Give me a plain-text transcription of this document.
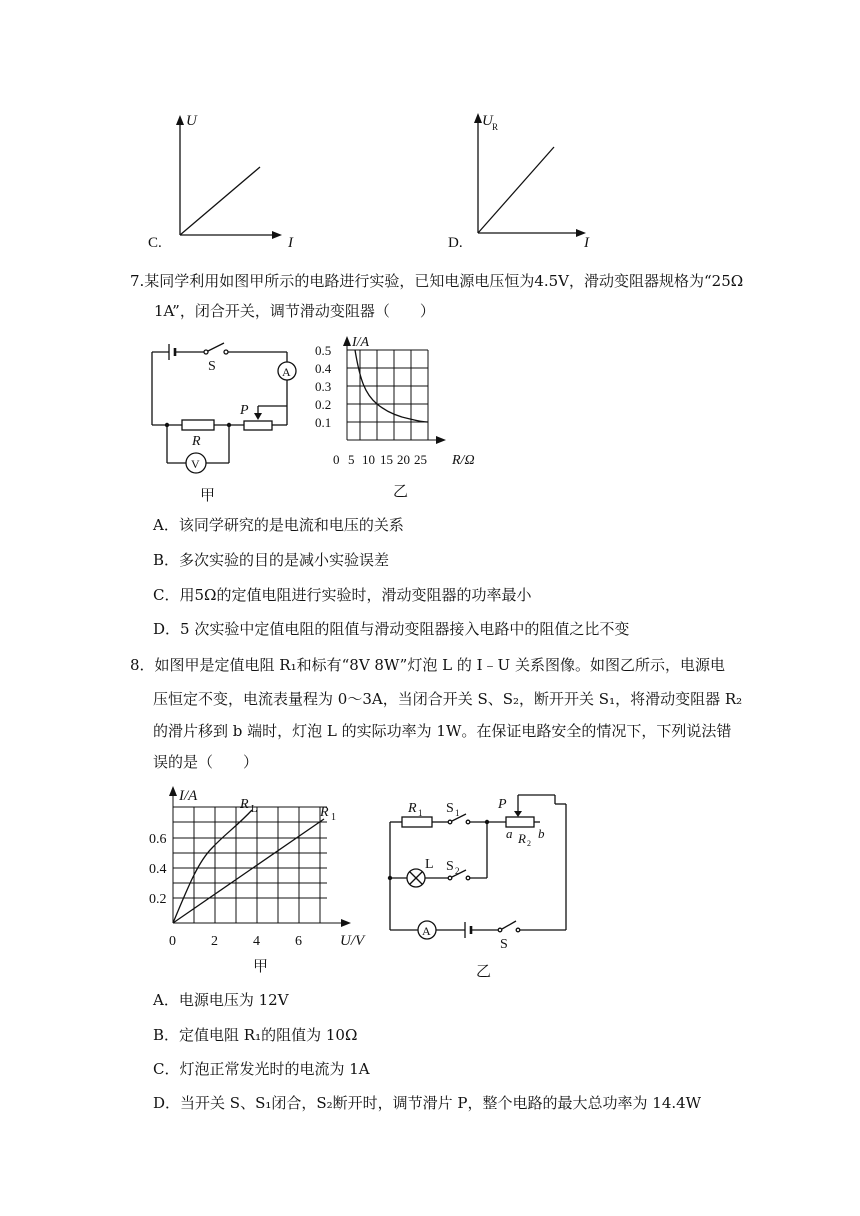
U
I
C.
U R
I
D.
7.某同学利用如图甲所示的电路进行实验，已知电源电压恒为4.5V，滑动变阻器规格为“25Ω
1A”，闭合开关，调节滑动变阻器（　　）
S	A
P
R
V
甲
I/A
0.5
0.4
0.3
0.2
0.1
0 5 10 15 20 25 R/Ω
乙
A．该同学研究的是电流和电压的关系
B．多次实验的目的是减小实验误差
C．用5Ω的定值电阻进行实验时，滑动变阻器的功率最小
D．5 次实验中定值电阻的阻值与滑动变阻器接入电路中的阻值之比不变
8．如图甲是定值电阻 R₁和标有“8V 8W”灯泡 L 的 I﹣U 关系图像。如图乙所示，电源电
压恒定不变，电流表量程为 0～3A，当闭合开关 S、S₂，断开开关 S₁，将滑动变阻器 R₂
的滑片移到 b 端时，灯泡 L 的实际功率为 1W。在保证电路安全的情况下，下列说法错
误的是（　　）
I/A
R L	R 1
0.6
0.4
0.2
0	2	4	6	U/V
甲
R 1 S 1
a R 2
b
P
L S 2
A
S
乙
A．电源电压为 12V
B．定值电阻 R₁的阻值为 10Ω
C．灯泡正常发光时的电流为 1A
D．当开关 S、S₁闭合，S₂断开时，调节滑片 P，整个电路的最大总功率为 14.4W
